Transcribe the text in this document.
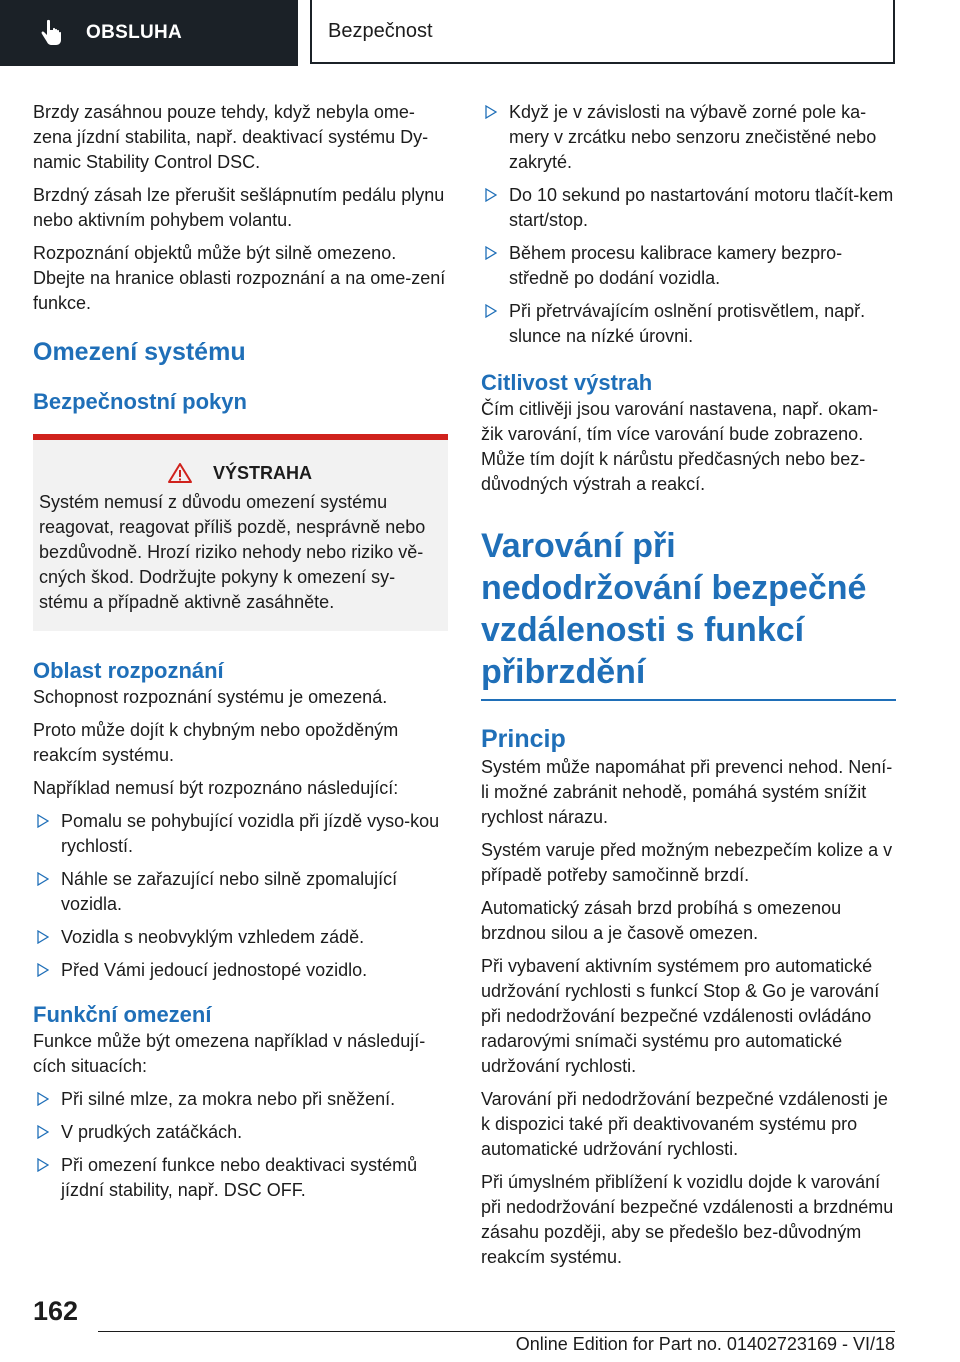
OBSLUHA	Bezpečnost

Brzdy zasáhnou pouze tehdy, když nebyla ome‐zena jízdní stabilita, např. deaktivací systému Dy‐namic Stability Control DSC.

Brzdný zásah lze přerušit sešlápnutím pedálu plynu nebo aktivním pohybem volantu.

Rozpoznání objektů může být silně omezeno. Dbejte na hranice oblasti rozpoznání a na ome‐zení funkce.

Omezení systému
Bezpečnostní pokyn
VÝSTRAHA

Systém nemusí z důvodu omezení systému reagovat, reagovat příliš pozdě, nesprávně nebo bezdůvodně. Hrozí riziko nehody nebo riziko vě‐cných škod. Dodržujte pokyny k omezení sy‐stému a případně aktivně zasáhněte.

Oblast rozpoznání

Schopnost rozpoznání systému je omezená.

Proto může dojít k chybným nebo opožděným reakcím systému.

Například nemusí být rozpoznáno následující:

Pomalu se pohybující vozidla při jízdě vyso‐kou rychlostí.
Náhle se zařazující nebo silně zpomalující vozidla.
Vozidla s neobvyklým vzhledem zádě.
Před Vámi jedoucí jednostopé vozidlo.
Funkční omezení

Funkce může být omezena například v následují‐cích situacích:

Při silné mlze, za mokra nebo při sněžení.
V prudkých zatáčkách.
Při omezení funkce nebo deaktivaci systémů jízdní stability, např. DSC OFF.
Když je v závislosti na výbavě zorné pole ka‐mery v zrcátku nebo senzoru znečistěné nebo zakryté.
Do 10 sekund po nastartování motoru tlačít‐kem start/stop.
Během procesu kalibrace kamery bezpro‐středně po dodání vozidla.
Při přetrvávajícím oslnění protisvětlem, např. slunce na nízké úrovni.
Citlivost výstrah

Čím citlivěji jsou varování nastavena, např. okam‐žik varování, tím více varování bude zobrazeno. Může tím dojít k nárůstu předčasných nebo bez‐důvodných výstrah a reakcí.

Varování při nedodržování bezpečné vzdálenosti s funkcí přibrzdění
Princip

Systém může napomáhat při prevenci nehod. Není-li možné zabránit nehodě, pomáhá systém snížit rychlost nárazu.

Systém varuje před možným nebezpečím kolize a v případě potřeby samočinně brzdí.

Automatický zásah brzd probíhá s omezenou brzdnou silou a je časově omezen.

Při vybavení aktivním systémem pro automatické udržování rychlosti s funkcí Stop & Go je varování při nedodržování bezpečné vzdálenosti ovládáno radarovými snímači systému pro automatické udržování rychlosti.

Varování při nedodržování bezpečné vzdálenosti je k dispozici také při deaktivovaném systému pro automatické udržování rychlosti.

Při úmyslném přiblížení k vozidlu dojde k varování při nedodržování bezpečné vzdálenosti a brzdnému zásahu později, aby se předešlo bez‐důvodným reakcím systému.

162
Online Edition for Part no. 01402723169 - VI/18
